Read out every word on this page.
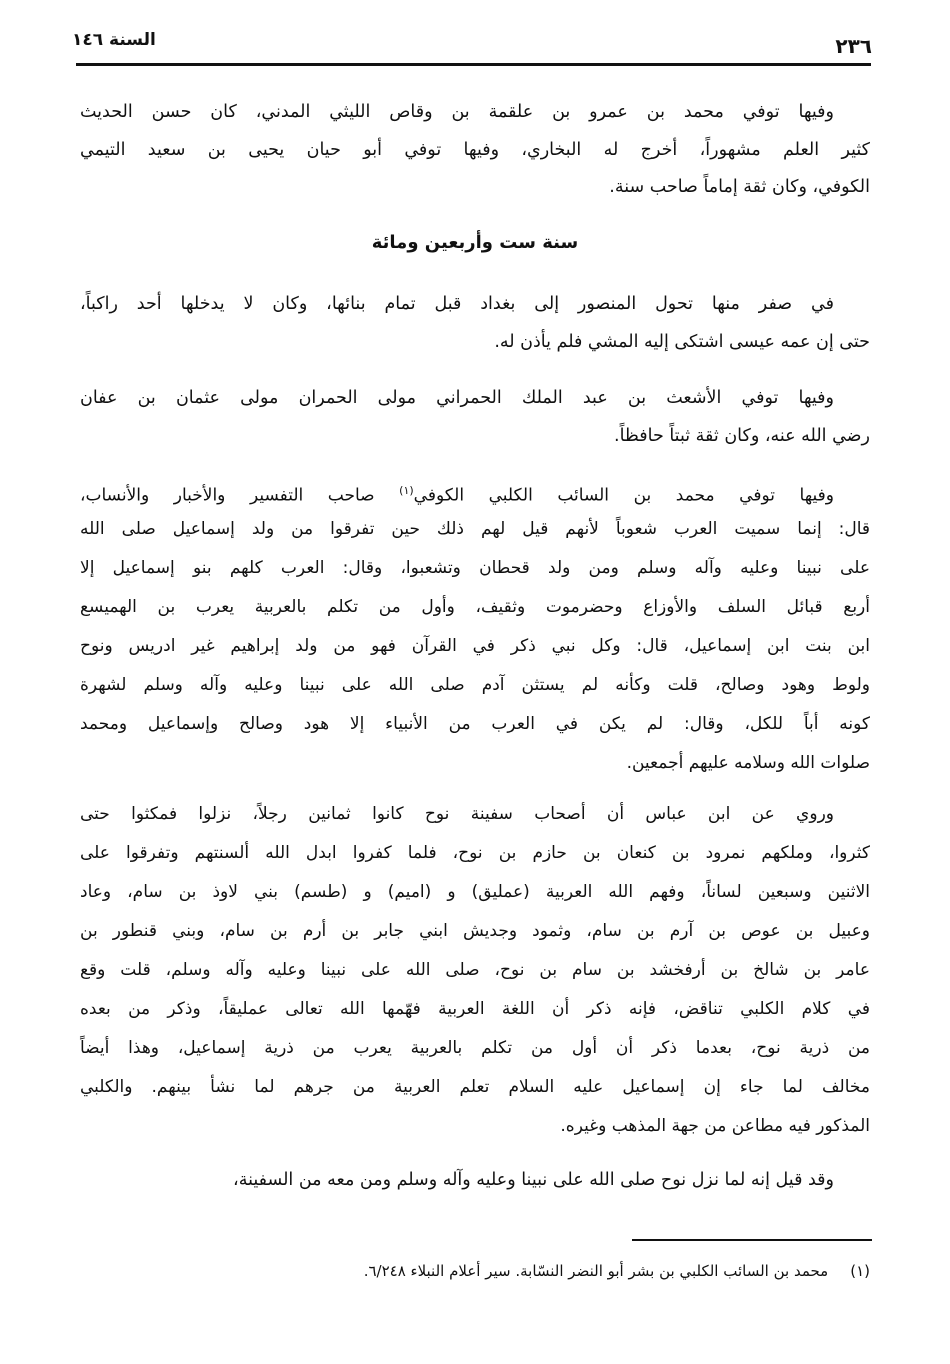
٢٣٦
السنة ١٤٦
وفيها توفي محمد بن عمرو بن علقمة بن وقاص الليثي المدني، كان حسن الحديث
كثير العلم مشهوراً، أخرج له البخاري، وفيها توفي أبو حيان يحيى بن سعيد التيمي
الكوفي، وكان ثقة إماماً صاحب سنة.
سنة ست وأربعين ومائة
في صفر منها تحول المنصور إلى بغداد قبل تمام بنائها، وكان لا يدخلها أحد راكباً،
حتى إن عمه عيسى اشتكى إليه المشي فلم يأذن له.
وفيها توفي الأشعث بن عبد الملك الحمراني مولى الحمران مولى عثمان بن عفان
رضي الله عنه، وكان ثقة ثبتاً حافظاً.
وفيها توفي محمد بن السائب الكلبي الكوفي$^{(١)}$ صاحب التفسير والأخبار والأنساب،
قال: إنما سميت العرب شعوباً لأنهم قيل لهم ذلك حين تفرقوا من ولد إسماعيل صلى الله
على نبينا وعليه وآله وسلم ومن ولد قحطان وتشعبوا، وقال: العرب كلهم بنو إسماعيل إلا
أربع قبائل السلف والأوزاع وحضرموت وثقيف، وأول من تكلم بالعربية يعرب بن الهميسع
ابن بنت ابن إسماعيل، قال: وكل نبي ذكر في القرآن فهو من ولد إبراهيم غير ادريس ونوح
ولوط وهود وصالح، قلت وكأنه لم يستثن آدم صلى الله على نبينا وعليه وآله وسلم لشهرة
كونه أباً للكل، وقال: لم يكن في العرب من الأنبياء إلا هود وصالح وإسماعيل ومحمد
صلوات الله وسلامه عليهم أجمعين.
وروي عن ابن عباس أن أصحاب سفينة نوح كانوا ثمانين رجلاً، نزلوا فمكثوا حتى
كثروا، وملكهم نمرود بن كنعان بن حازم بن نوح، فلما كفروا ابدل الله ألسنتهم وتفرقوا على
الاثنين وسبعين لساناً، وفهم الله العربية (عمليق) و (اميم) و (طسم) بني لاوذ بن سام، وعاد
وعبيل بن عوص بن آرم بن سام، وثمود وجديش ابني جابر بن أرم بن سام، وبني قنطور بن
عامر بن شالخ بن أرفخشد بن سام بن نوح، صلى الله على نبينا وعليه وآله وسلم، قلت وقع
في كلام الكلبي تناقض، فإنه ذكر أن اللغة العربية فهّمها الله تعالى عمليقاً، وذكر من بعده
من ذرية نوح، بعدما ذكر أن أول من تكلم بالعربية يعرب من ذرية إسماعيل، وهذا أيضاً
مخالف لما جاء إن إسماعيل عليه السلام تعلم العربية من جرهم لما نشأ بينهم. والكلبي
المذكور فيه مطاعن من جهة المذهب وغيره.
وقد قيل إنه لما نزل نوح صلى الله على نبينا وعليه وآله وسلم ومن معه من السفينة،
(١)محمد بن السائب الكلبي بن بشر أبو النضر النسّابة. سير أعلام النبلاء ٦/٢٤٨.
